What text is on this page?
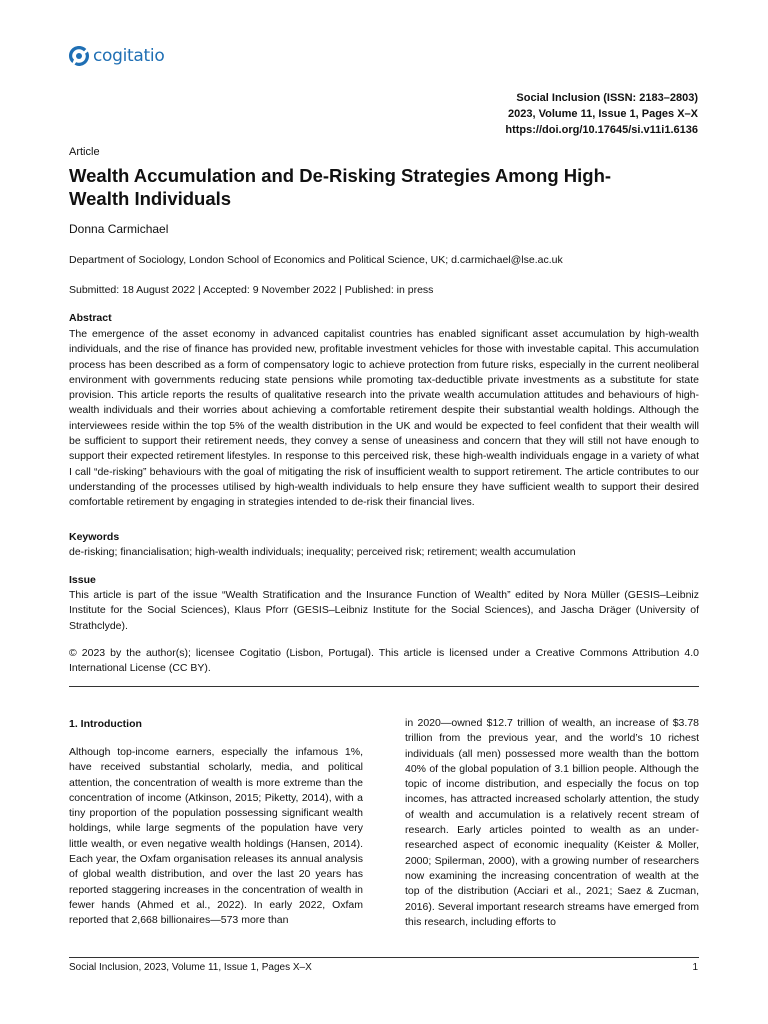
cogitatio
Social Inclusion (ISSN: 2183–2803)
2023, Volume 11, Issue 1, Pages X–X
https://doi.org/10.17645/si.v11i1.6136
Article
Wealth Accumulation and De-Risking Strategies Among High-Wealth Individuals
Donna Carmichael
Department of Sociology, London School of Economics and Political Science, UK; d.carmichael@lse.ac.uk
Submitted: 18 August 2022 | Accepted: 9 November 2022 | Published: in press
Abstract

The emergence of the asset economy in advanced capitalist countries has enabled significant asset accumulation by high-wealth individuals, and the rise of finance has provided new, profitable investment vehicles for those with investable capital. This accumulation process has been described as a form of compensatory logic to achieve protection from future risks, especially in the current neoliberal environment with governments reducing state pensions while promoting tax-deductible private investments as a substitute for state provision. This article reports the results of qualitative research into the private wealth accumulation attitudes and behaviours of high-wealth individuals and their worries about achieving a comfortable retirement despite their substantial wealth holdings. Although the interviewees reside within the top 5% of the wealth distribution in the UK and would be expected to feel confident that their wealth will be sufficient to support their retirement needs, they convey a sense of uneasiness and concern that they will still not have enough to support their expected retirement lifestyles. In response to this perceived risk, these high-wealth individuals engage in a variety of what I call “de-risking” behaviours with the goal of mitigating the risk of insufficient wealth to support retirement. The article contributes to our understanding of the processes utilised by high-wealth individuals to help ensure they have sufficient wealth to support their desired comfortable retirement by engaging in strategies intended to de-risk their financial lives.

Keywords

de-risking; financialisation; high-wealth individuals; inequality; perceived risk; retirement; wealth accumulation

Issue

This article is part of the issue “Wealth Stratification and the Insurance Function of Wealth” edited by Nora Müller (GESIS–Leibniz Institute for the Social Sciences), Klaus Pforr (GESIS–Leibniz Institute for the Social Sciences), and Jascha Dräger (University of Strathclyde).

© 2023 by the author(s); licensee Cogitatio (Lisbon, Portugal). This article is licensed under a Creative Commons Attribution 4.0 International License (CC BY).

1. Introduction

Although top-income earners, especially the infamous 1%, have received substantial scholarly, media, and political attention, the concentration of wealth is more extreme than the concentration of income (Atkinson, 2015; Piketty, 2014), with a tiny proportion of the population possessing significant wealth holdings, while large segments of the population have very little wealth, or even negative wealth holdings (Hansen, 2014). Each year, the Oxfam organisation releases its annual analysis of global wealth distribution, and over the last 20 years has reported staggering increases in the concentration of wealth in fewer hands (Ahmed et al., 2022). In early 2022, Oxfam reported that 2,668 billionaires—573 more than

in 2020—owned $12.7 trillion of wealth, an increase of $3.78 trillion from the previous year, and the world’s 10 richest individuals (all men) possessed more wealth than the bottom 40% of the global population of 3.1 billion people. Although the topic of income distribution, and especially the focus on top incomes, has attracted increased scholarly attention, the study of wealth and accumulation is a relatively recent stream of research. Early articles pointed to wealth as an under-researched aspect of economic inequality (Keister & Moller, 2000; Spilerman, 2000), with a growing number of researchers now examining the increasing concentration of wealth at the top of the distribution (Acciari et al., 2021; Saez & Zucman, 2016). Several important research streams have emerged from this research, including efforts to

Social Inclusion, 2023, Volume 11, Issue 1, Pages X–X	1
